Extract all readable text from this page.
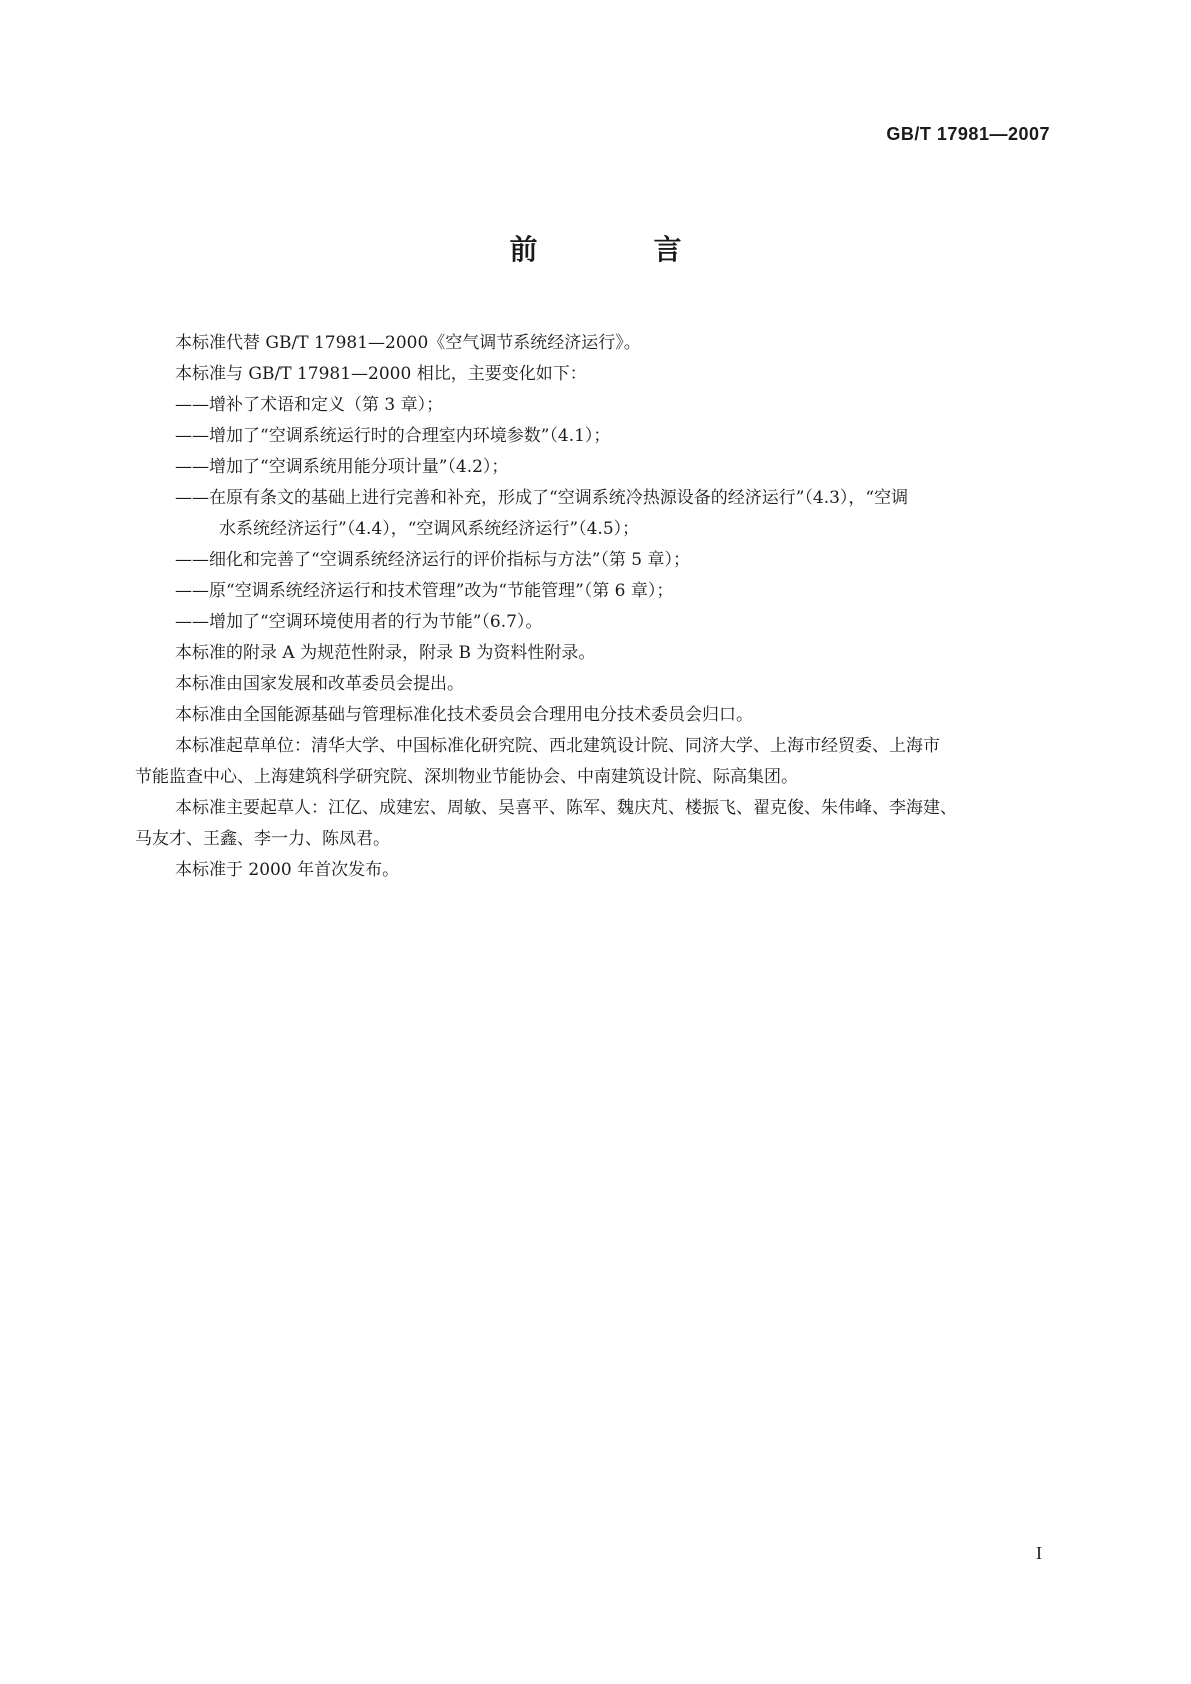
GB/T 17981—2007
前　言

本标准代替 GB/T 17981—2000《空气调节系统经济运行》。

本标准与 GB/T 17981—2000 相比，主要变化如下：

——增补了术语和定义（第 3 章）；

——增加了“空调系统运行时的合理室内环境参数”（4.1）；

——增加了“空调系统用能分项计量”（4.2）；

——在原有条文的基础上进行完善和补充，形成了“空调系统冷热源设备的经济运行”（4.3），“空调

水系统经济运行”（4.4），“空调风系统经济运行”（4.5）；

——细化和完善了“空调系统经济运行的评价指标与方法”（第 5 章）；

——原“空调系统经济运行和技术管理”改为“节能管理”（第 6 章）；

——增加了“空调环境使用者的行为节能”（6.7）。

本标准的附录 A 为规范性附录，附录 B 为资料性附录。

本标准由国家发展和改革委员会提出。

本标准由全国能源基础与管理标准化技术委员会合理用电分技术委员会归口。

本标准起草单位：清华大学、中国标准化研究院、西北建筑设计院、同济大学、上海市经贸委、上海市

节能监查中心、上海建筑科学研究院、深圳物业节能协会、中南建筑设计院、际高集团。

本标准主要起草人：江亿、成建宏、周敏、吴喜平、陈军、魏庆芃、楼振飞、翟克俊、朱伟峰、李海建、

马友才、王鑫、李一力、陈凤君。

本标准于 2000 年首次发布。

I
